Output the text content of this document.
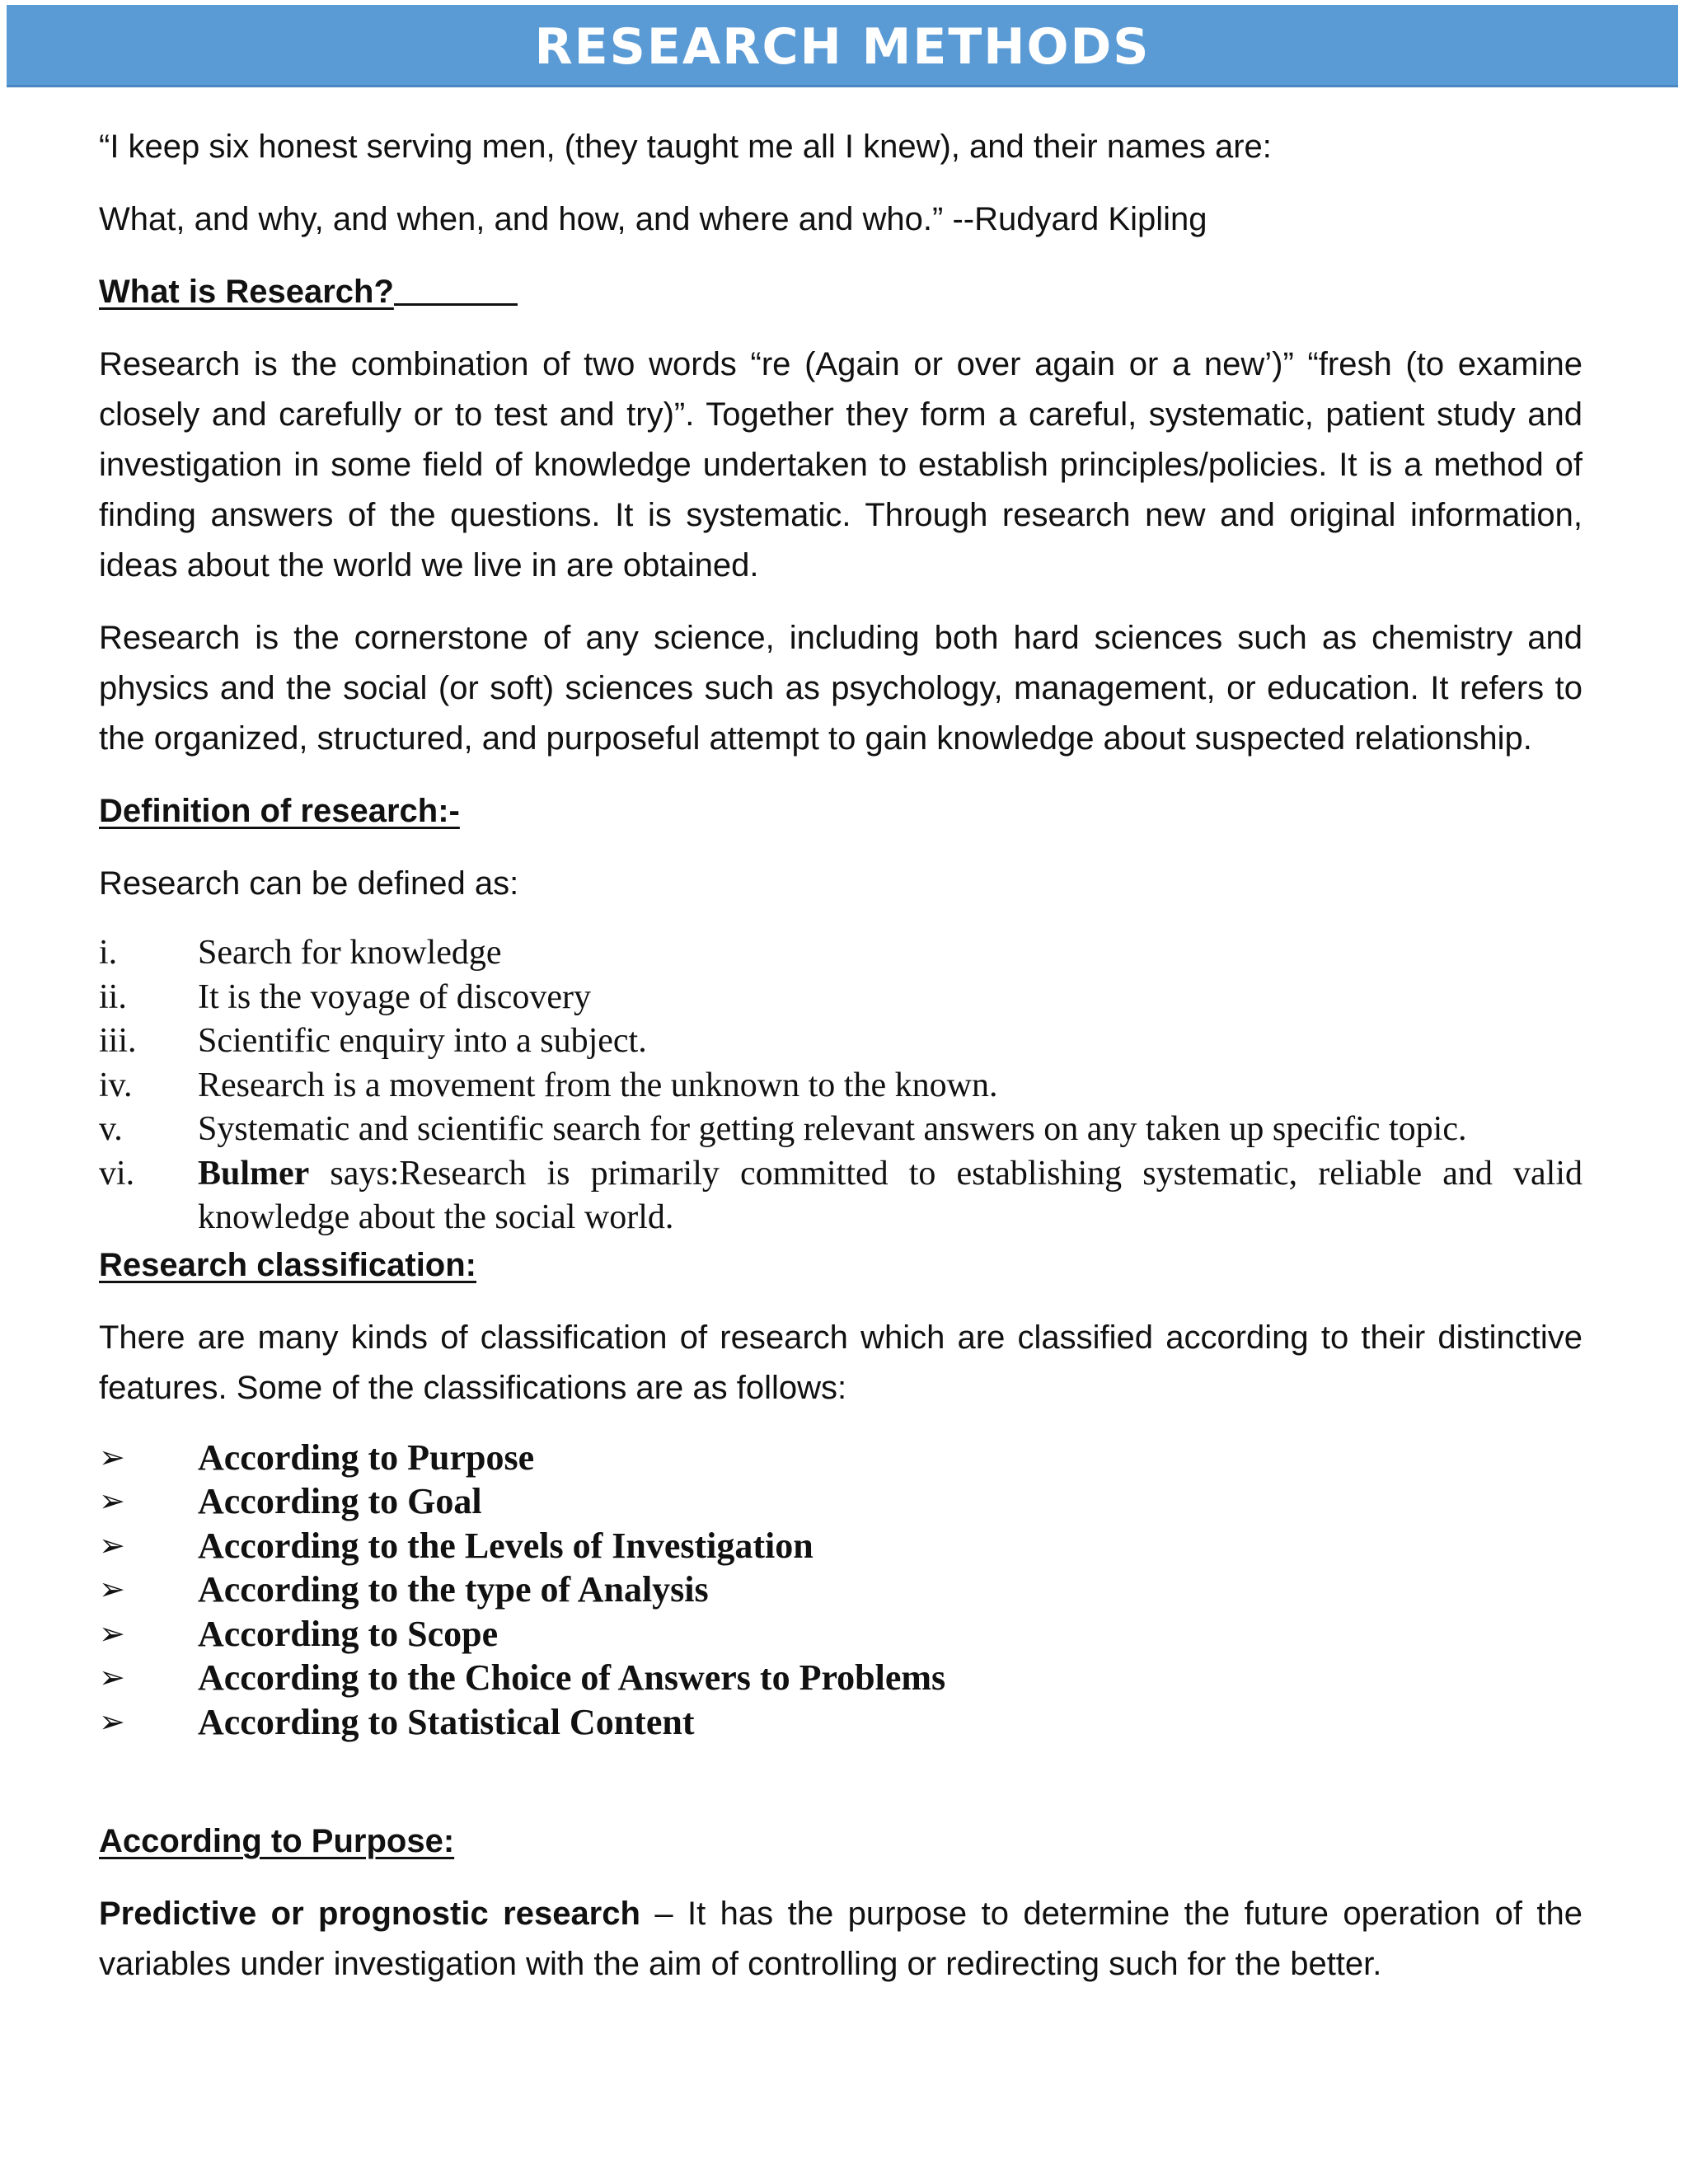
RESEARCH METHODS

“I keep six honest serving men, (they taught me all I knew), and their names are:

What, and why, and when, and how, and where and who.” --Rudyard Kipling

What is Research?

Research is the combination of two words “re (Again or over again or a new’)” “fresh (to examine closely and carefully or to test and try)”. Together they form a careful, systematic, patient study and investigation in some field of knowledge undertaken to establish principles/policies. It is a method of finding answers of the questions. It is systematic. Through research new and original information, ideas about the world we live in are obtained.

Research is the cornerstone of any science, including both hard sciences such as chemistry and physics and the social (or soft) sciences such as psychology, management, or education. It refers to the organized, structured, and purposeful attempt to gain knowledge about suspected relationship.

Definition of research:-

Research can be defined as:

i.	Search for knowledge
ii.	It is the voyage of discovery
iii.	Scientific enquiry into a subject.
iv.	Research is a movement from the unknown to the known.
v.	Systematic and scientific search for getting relevant answers on any taken up specific topic.
vi.	Bulmer says:Research is primarily committed to establishing systematic, reliable and valid knowledge about the social world.

Research classification:

There are many kinds of classification of research which are classified according to their distinctive features. Some of the classifications are as follows:

➢	According to Purpose
➢	According to Goal
➢	According to the Levels of Investigation
➢	According to the type of Analysis
➢	According to Scope
➢	According to the Choice of Answers to Problems
➢	According to Statistical Content

According to Purpose:

Predictive or prognostic research – It has the purpose to determine the future operation of the variables under investigation with the aim of controlling or redirecting such for the better.
